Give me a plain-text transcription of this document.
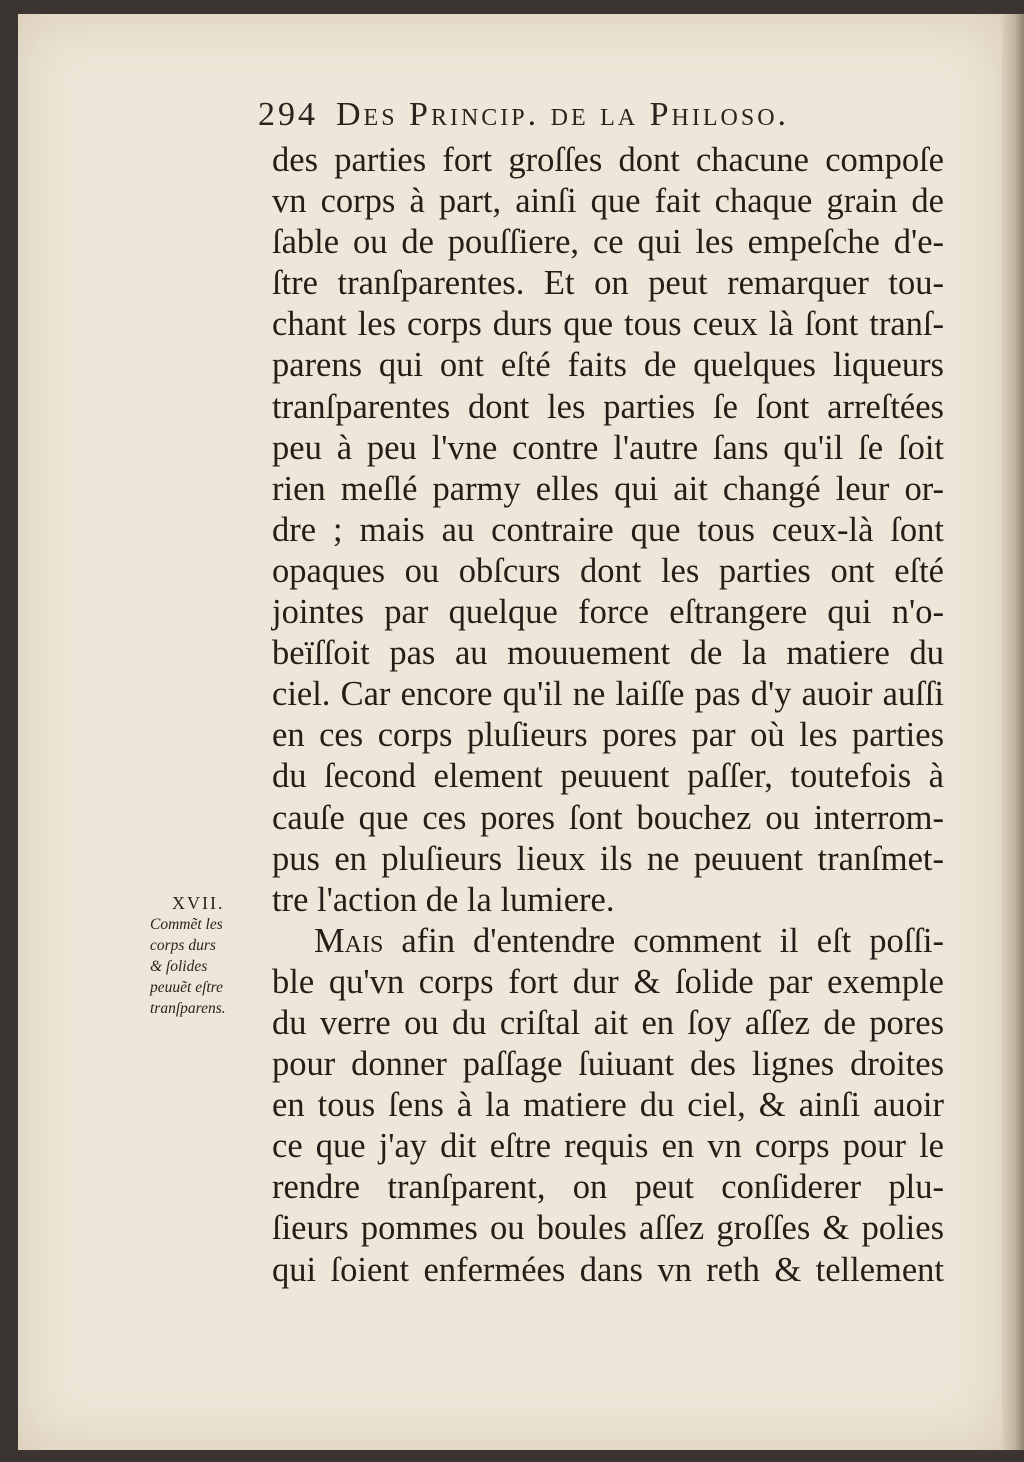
294 Des Princip. de la Philoso.
des parties fort groſſes dont chacune compoſe
vn corps à part, ainſi que fait chaque grain de
ſable ou de pouſſiere, ce qui les empeſche d'e-
ſtre tranſparentes. Et on peut remarquer tou-
chant les corps durs que tous ceux là ſont tranſ-
parens qui ont eſté faits de quelques liqueurs
tranſparentes dont les parties ſe ſont arreſtées
peu à peu l'vne contre l'autre ſans qu'il ſe ſoit
rien meſlé parmy elles qui ait changé leur or-
dre ; mais au contraire que tous ceux-là ſont
opaques ou obſcurs dont les parties ont eſté
jointes par quelque force eſtrangere qui n'o-
beïſſoit pas au mouuement de la matiere du
ciel. Car encore qu'il ne laiſſe pas d'y auoir auſſi
en ces corps pluſieurs pores par où les parties
du ſecond element peuuent paſſer, toutefois à
cauſe que ces pores ſont bouchez ou interrom-
pus en pluſieurs lieux ils ne peuuent tranſmet-
tre l'action de la lumiere.
Mais afin d'entendre comment il eſt poſſi-
ble qu'vn corps fort dur & ſolide par exemple
du verre ou du criſtal ait en ſoy aſſez de pores
pour donner paſſage ſuiuant des lignes droites
en tous ſens à la matiere du ciel, & ainſi auoir
ce que j'ay dit eſtre requis en vn corps pour le
rendre tranſparent, on peut conſiderer plu-
ſieurs pommes ou boules aſſez groſſes & polies
qui ſoient enfermées dans vn reth & tellement
XVII.
Commẽt les
corps durs
& ſolides
peuuẽt eſtre
tranſparens.
